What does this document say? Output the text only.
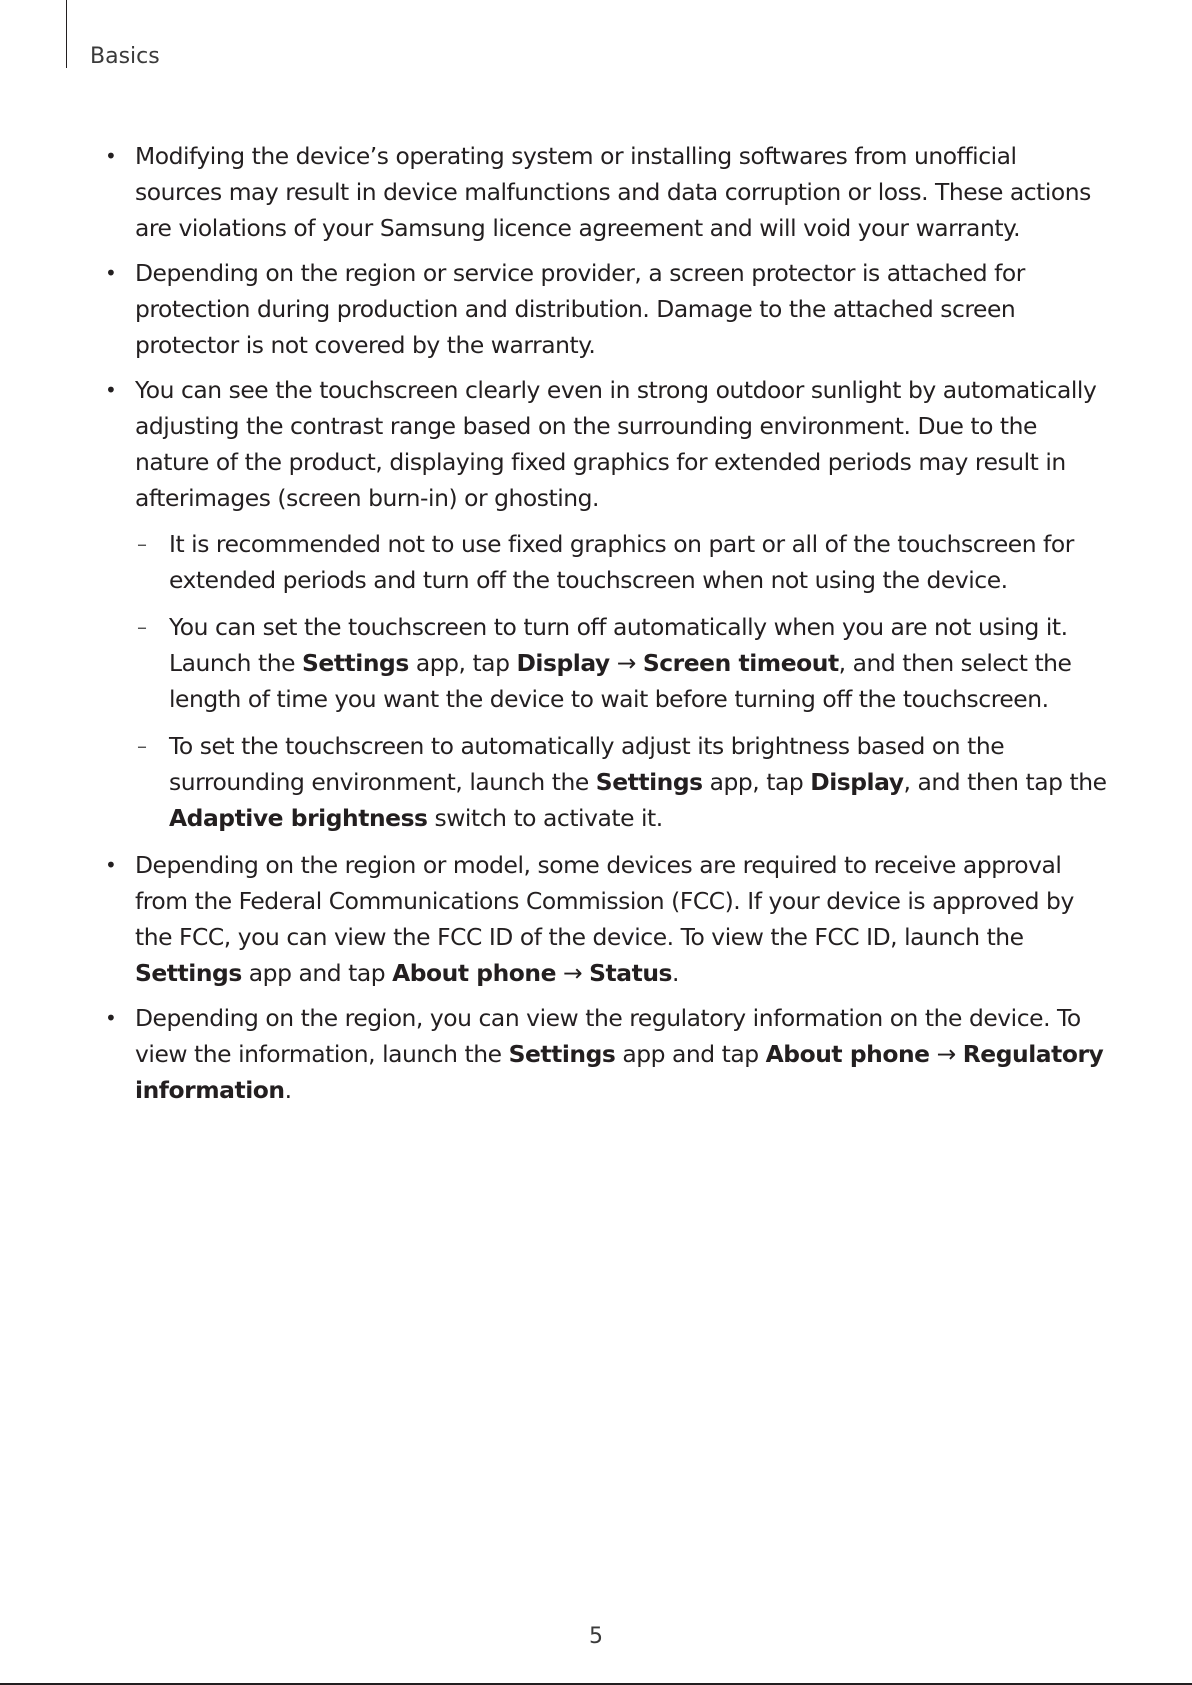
Basics
• Modifying the device’s operating system or installing softwares from unofficial sources may result in device malfunctions and data corruption or loss. These actions are violations of your Samsung licence agreement and will void your warranty.
• Depending on the region or service provider, a screen protector is attached for protection during production and distribution. Damage to the attached screen protector is not covered by the warranty.
• You can see the touchscreen clearly even in strong outdoor sunlight by automatically adjusting the contrast range based on the surrounding environment. Due to the nature of the product, displaying fixed graphics for extended periods may result in afterimages (screen burn-in) or ghosting.
– It is recommended not to use fixed graphics on part or all of the touchscreen for extended periods and turn off the touchscreen when not using the device.
– You can set the touchscreen to turn off automatically when you are not using it. Launch the Settings app, tap Display → Screen timeout, and then select the length of time you want the device to wait before turning off the touchscreen.
– To set the touchscreen to automatically adjust its brightness based on the surrounding environment, launch the Settings app, tap Display, and then tap the Adaptive brightness switch to activate it.
• Depending on the region or model, some devices are required to receive approval from the Federal Communications Commission (FCC). If your device is approved by the FCC, you can view the FCC ID of the device. To view the FCC ID, launch the Settings app and tap About phone → Status.
• Depending on the region, you can view the regulatory information on the device. To view the information, launch the Settings app and tap About phone → Regulatory information.
5
